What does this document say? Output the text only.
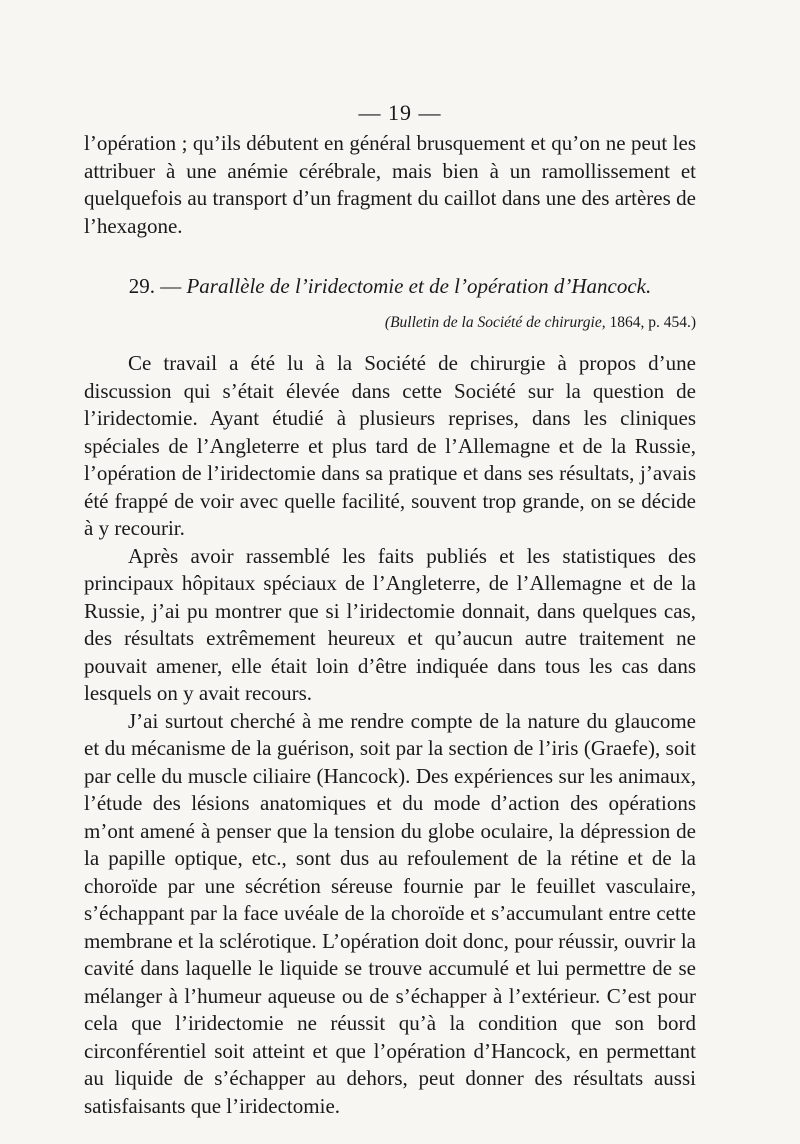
— 19 —

l’opération ; qu’ils débutent en général brusquement et qu’on ne peut les attribuer à une anémie cérébrale, mais bien à un ramollissement et quelquefois au transport d’un fragment du caillot dans une des artères de l’hexagone.

29. — Parallèle de l’iridectomie et de l’opération d’Hancock.
(Bulletin de la Société de chirurgie, 1864, p. 454.)

Ce travail a été lu à la Société de chirurgie à propos d’une discussion qui s’était élevée dans cette Société sur la question de l’iridectomie. Ayant étudié à plusieurs reprises, dans les cliniques spéciales de l’Angleterre et plus tard de l’Allemagne et de la Russie, l’opération de l’iridectomie dans sa pratique et dans ses résultats, j’avais été frappé de voir avec quelle facilité, souvent trop grande, on se décide à y recourir.

Après avoir rassemblé les faits publiés et les statistiques des principaux hôpitaux spéciaux de l’Angleterre, de l’Allemagne et de la Russie, j’ai pu montrer que si l’iridectomie donnait, dans quelques cas, des résultats extrêmement heureux et qu’aucun autre traitement ne pouvait amener, elle était loin d’être indiquée dans tous les cas dans lesquels on y avait recours.

J’ai surtout cherché à me rendre compte de la nature du glaucome et du mécanisme de la guérison, soit par la section de l’iris (Graefe), soit par celle du muscle ciliaire (Hancock). Des expériences sur les animaux, l’étude des lésions anatomiques et du mode d’action des opérations m’ont amené à penser que la tension du globe oculaire, la dépression de la papille optique, etc., sont dus au refoulement de la rétine et de la choroïde par une sécrétion séreuse fournie par le feuillet vasculaire, s’échappant par la face uvéale de la choroïde et s’accumulant entre cette membrane et la sclérotique. L’opération doit donc, pour réussir, ouvrir la cavité dans laquelle le liquide se trouve accumulé et lui permettre de se mélanger à l’humeur aqueuse ou de s’échapper à l’extérieur. C’est pour cela que l’iridectomie ne réussit qu’à la condition que son bord circonférentiel soit atteint et que l’opération d’Hancock, en permettant au liquide de s’échapper au dehors, peut donner des résultats aussi satisfaisants que l’iridectomie.
